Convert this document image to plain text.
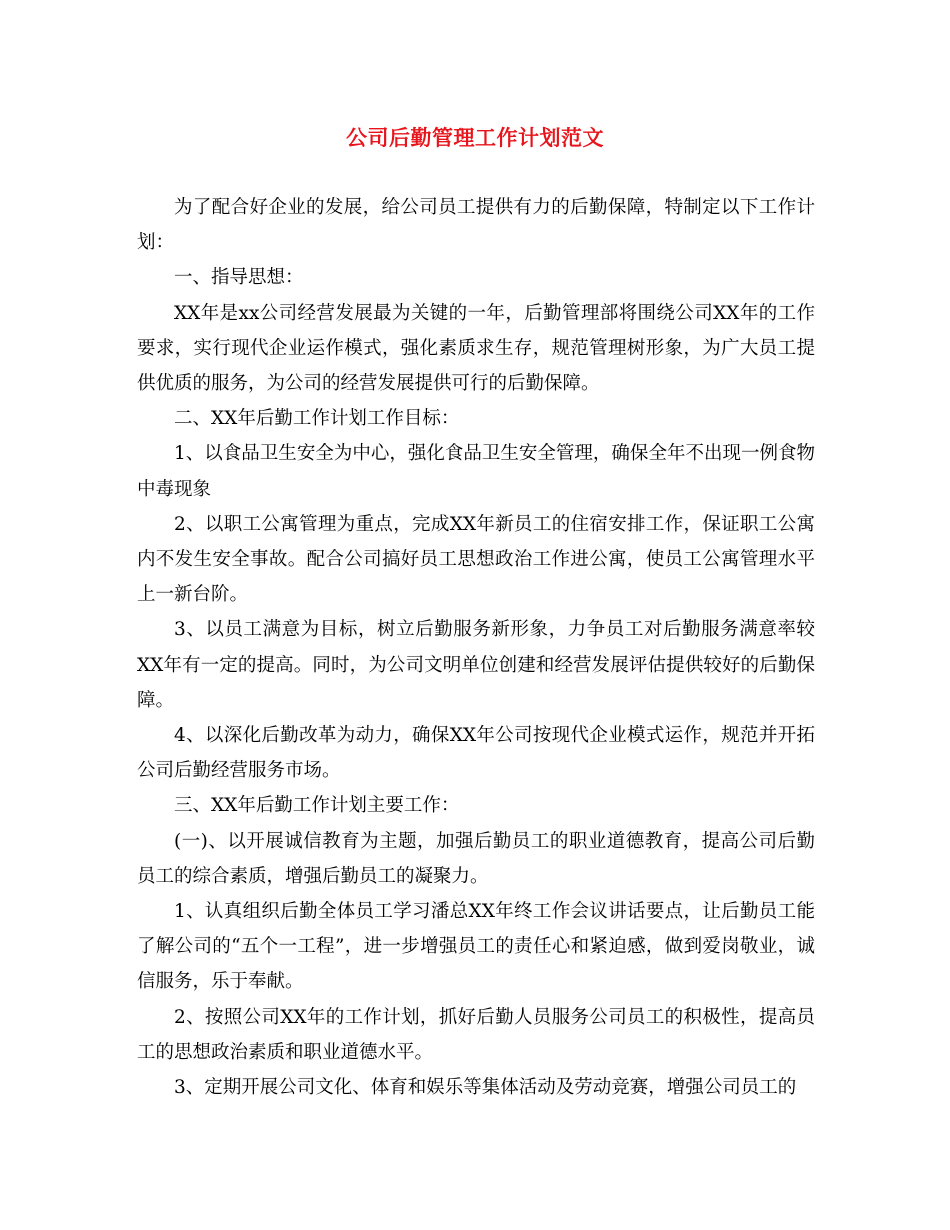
公司后勤管理工作计划范文

为了配合好企业的发展，给公司员工提供有力的后勤保障，特制定以下工作计划：

一、指导思想：

XX年是xx公司经营发展最为关键的一年，后勤管理部将围绕公司XX年的工作要求，实行现代企业运作模式，强化素质求生存，规范管理树形象，为广大员工提供优质的服务，为公司的经营发展提供可行的后勤保障。

二、XX年后勤工作计划工作目标：

1、以食品卫生安全为中心，强化食品卫生安全管理，确保全年不出现一例食物中毒现象

2、以职工公寓管理为重点，完成XX年新员工的住宿安排工作，保证职工公寓内不发生安全事故。配合公司搞好员工思想政治工作进公寓，使员工公寓管理水平上一新台阶。

3、以员工满意为目标，树立后勤服务新形象，力争员工对后勤服务满意率较XX年有一定的提高。同时，为公司文明单位创建和经营发展评估提供较好的后勤保障。

4、以深化后勤改革为动力，确保XX年公司按现代企业模式运作，规范并开拓公司后勤经营服务市场。

三、XX年后勤工作计划主要工作：

(一)、以开展诚信教育为主题，加强后勤员工的职业道德教育，提高公司后勤员工的综合素质，增强后勤员工的凝聚力。

1、认真组织后勤全体员工学习潘总XX年终工作会议讲话要点，让后勤员工能了解公司的“五个一工程”，进一步增强员工的责任心和紧迫感，做到爱岗敬业，诚信服务，乐于奉献。

2、按照公司XX年的工作计划，抓好后勤人员服务公司员工的积极性，提高员工的思想政治素质和职业道德水平。

3、定期开展公司文化、体育和娱乐等集体活动及劳动竞赛，增强公司员工的
